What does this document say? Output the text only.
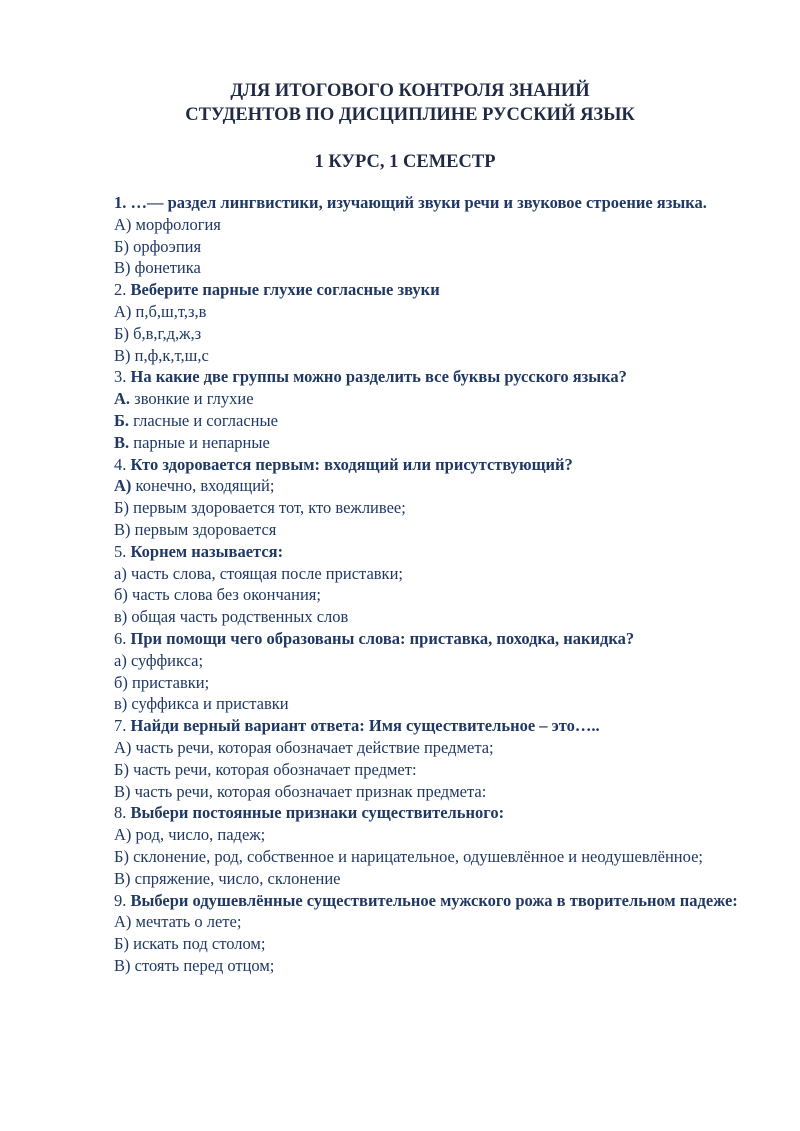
ДЛЯ ИТОГОВОГО КОНТРОЛЯ ЗНАНИЙ
СТУДЕНТОВ ПО ДИСЦИПЛИНЕ РУССКИЙ ЯЗЫК
1 КУРС, 1 СЕМЕСТР

1. …— раздел лингвистики, изучающий звуки речи и звуковое строение языка.

А) морфология

Б) орфоэпия

В) фонетика

2. Веберите парные глухие согласные звуки

А) п,б,ш,т,з,в

Б) б,в,г,д,ж,з

В) п,ф,к,т,ш,с

3. На какие две группы можно разделить все буквы русского языка?

А. звонкие и глухие

Б. гласные и согласные

В. парные и непарные

4. Кто здоровается первым: входящий или присутствующий?

А) конечно, входящий;

Б) первым здоровается тот, кто вежливее;

В) первым здоровается

5. Корнем называется:

а) часть слова, стоящая после приставки;

б) часть слова без окончания;

в) общая часть родственных слов

6. При помощи чего образованы слова: приставка, походка, накидка?

а) суффикса;

б) приставки;

в) суффикса и приставки

7. Найди верный вариант ответа: Имя существительное – это…..

А) часть речи, которая обозначает действие предмета;

Б) часть речи, которая обозначает предмет:

В) часть речи, которая обозначает признак предмета:

8. Выбери постоянные признаки существительного:

А) род, число, падеж;

Б) склонение, род, собственное и нарицательное, одушевлённое и неодушевлённое;

В) спряжение, число, склонение

9. Выбери одушевлённые существительное мужского рожа в творительном падеже:

А) мечтать о лете;

Б) искать под столом;

В) стоять перед отцом;
